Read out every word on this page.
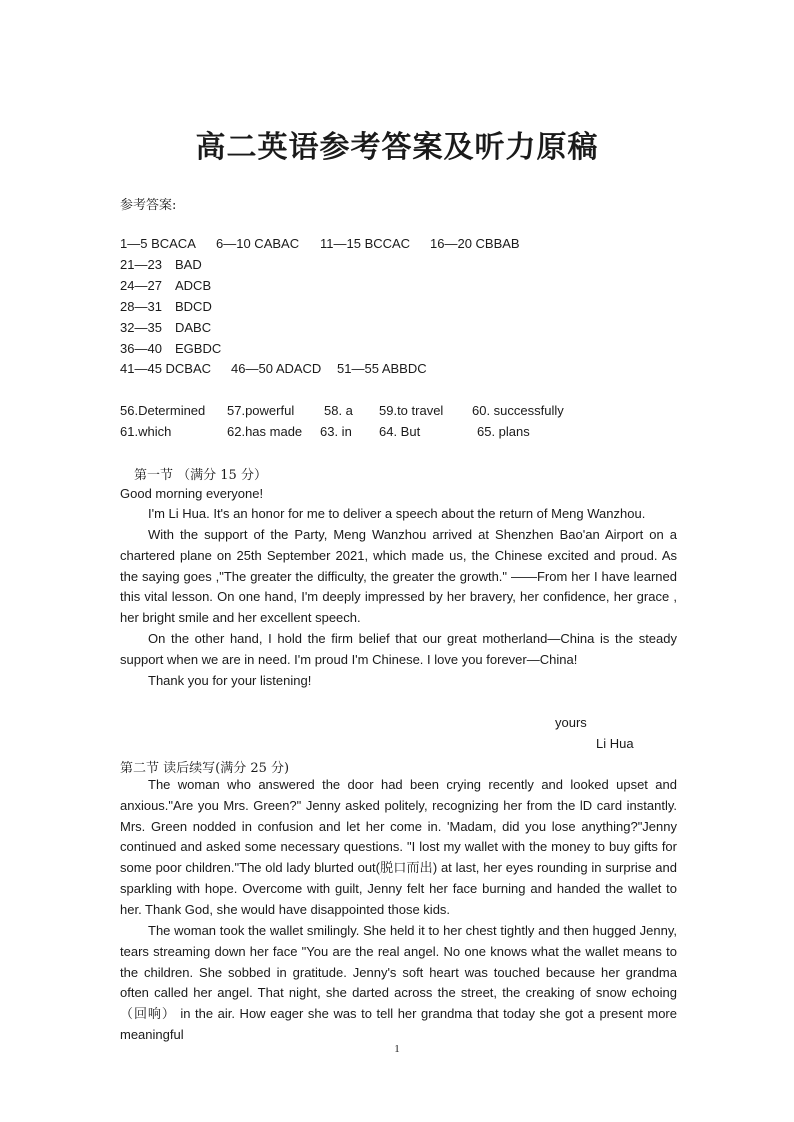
高二英语参考答案及听力原稿
参考答案:
1—5 BCACA 6—10 CABAC 11—15 BCCAC 16—20 CBBAB
21—23 BAD
24—27 ADCB
28—31 BDCD
32—35 DABC
36—40 EGBDC
41—45 DCBAC 46—50 ADACD 51—55 ABBDC
56.Determined 57.powerful 58. a 59.to travel 60. successfully
61.which	62.has made 63. in 64. But	65. plans
第一节 （满分 15 分）
Good morning everyone!
I'm Li Hua. It's an honor for me to deliver a speech about the return of Meng Wanzhou.
With the support of the Party, Meng Wanzhou arrived at Shenzhen Bao'an Airport on a chartered plane on 25th September 2021, which made us, the Chinese excited and proud. As the saying goes ,"The greater the difficulty, the greater the growth." ——From her I have learned this vital lesson. On one hand, I'm deeply impressed by her bravery, her confidence, her grace , her bright smile and her excellent speech.
On the other hand, I hold the firm belief that our great motherland—China is the steady support when we are in need. I'm proud I'm Chinese. I love you forever—China!
Thank you for your listening!
yours
Li Hua
第二节 读后续写(满分 25 分)
The woman who answered the door had been crying recently and looked upset and anxious."Are you Mrs. Green?" Jenny asked politely, recognizing her from the lD card instantly. Mrs. Green nodded in confusion and let her come in. 'Madam, did you lose anything?"Jenny continued and asked some necessary questions. "I lost my wallet with the money to buy gifts for some poor children."The old lady blurted out(脱口而出) at last, her eyes rounding in surprise and sparkling with hope. Overcome with guilt, Jenny felt her face burning and handed the wallet to her. Thank God, she would have disappointed those kids.
The woman took the wallet smilingly. She held it to her chest tightly and then hugged Jenny, tears streaming down her face "You are the real angel. No one knows what the wallet means to the children. She sobbed in gratitude. Jenny's soft heart was touched because her grandma often called her angel. That night, she darted across the street, the creaking of snow echoing（回响） in the air. How eager she was to tell her grandma that today she got a present more meaningful
1
